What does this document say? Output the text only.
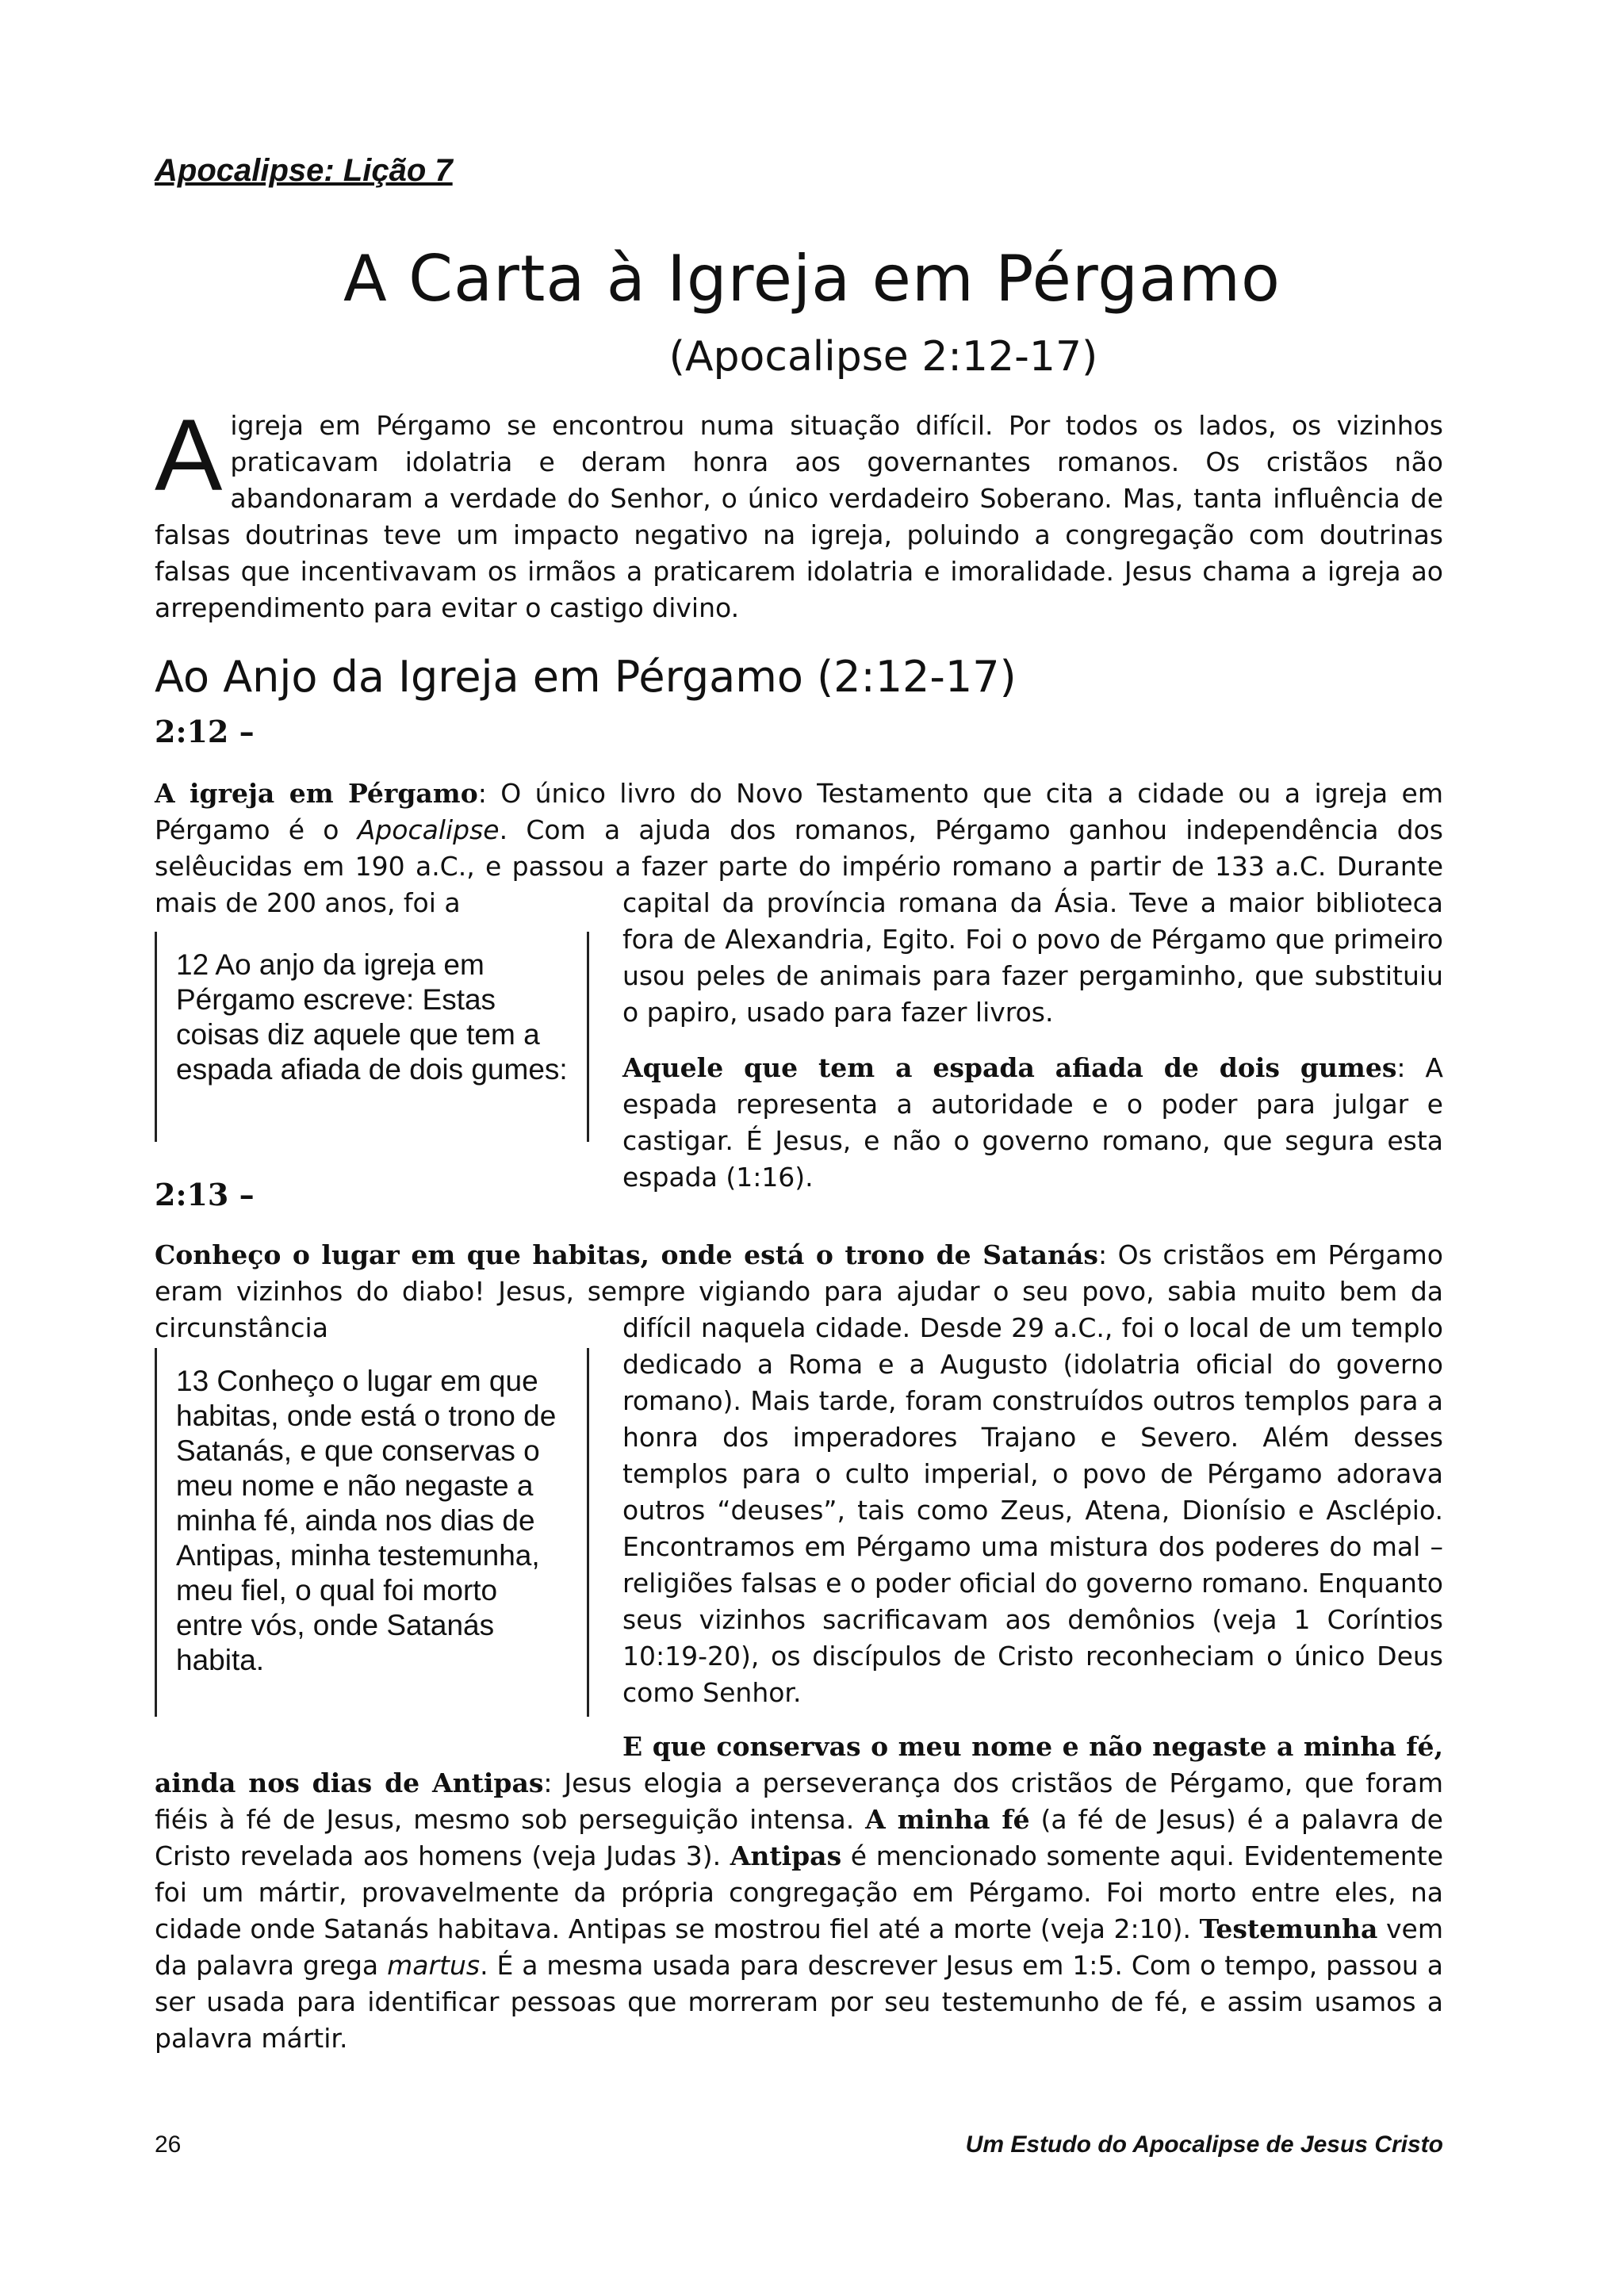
Apocalipse: Lição 7
A Carta à Igreja em Pérgamo
(Apocalipse 2:12-17)
A igreja em Pérgamo se encontrou numa situação difícil. Por todos os lados, os vizinhos praticavam idolatria e deram honra aos governantes romanos. Os cristãos não abandonaram a verdade do Senhor, o único verdadeiro Soberano. Mas, tanta influência de falsas doutrinas teve um impacto negativo na igreja, poluindo a congregação com doutrinas falsas que incentivavam os irmãos a praticarem idolatria e imoralidade. Jesus chama a igreja ao arrependimento para evitar o castigo divino.
Ao Anjo da Igreja em Pérgamo (2:12-17)
2:12 –
A igreja em Pérgamo: O único livro do Novo Testamento que cita a cidade ou a igreja em Pérgamo é o Apocalipse. Com a ajuda dos romanos, Pérgamo ganhou independência dos selêucidas em 190 a.C., e passou a fazer parte do império romano a partir de 133 a.C. Durante mais de 200 anos, foi a	capital da província romana da Ásia. Teve a maior biblioteca fora de Alexandria, Egito. Foi o povo de Pérgamo que primeiro usou peles de animais para fazer pergaminho, que substituiu o papiro, usado para fazer livros.
12 Ao anjo da igreja em Pérgamo escreve: Estas coisas diz aquele que tem a espada afiada de dois gumes:	Aquele que tem a espada afiada de dois gumes: A espada representa a autoridade e o poder para julgar e castigar. É Jesus, e não o governo romano, que segura esta espada (1:16).
2:13 –
Conheço o lugar em que habitas, onde está o trono de Satanás: Os cristãos em Pérgamo eram vizinhos do diabo! Jesus, sempre vigiando para ajudar o seu povo, sabia muito bem da circunstância	difícil naquela cidade. Desde 29 a.C., foi o local de um templo dedicado a Roma e a Augusto (idolatria oficial do governo romano). Mais tarde, foram construídos outros templos para a honra dos imperadores Trajano e Severo. Além desses templos para o culto imperial, o povo de Pérgamo adorava outros “deuses”, tais como Zeus, Atena, Dionísio e Asclépio. Encontramos em Pérgamo uma mistura dos poderes do mal – religiões falsas e o poder oficial do governo romano. Enquanto seus vizinhos sacrificavam aos demônios (veja 1 Coríntios 10:19-20), os discípulos de Cristo reconheciam o único Deus como Senhor.
13 Conheço o lugar em que habitas, onde está o trono de Satanás, e que conservas o meu nome e não negaste a minha fé, ainda nos dias de Antipas, minha testemunha, meu fiel, o qual foi morto entre vós, onde Satanás habita.
E que conservas o meu nome e não negaste a minha fé, ainda nos dias de Antipas: Jesus elogia a perseverança dos cristãos de Pérgamo, que foram fiéis à fé de Jesus, mesmo sob perseguição intensa. A minha fé (a fé de Jesus) é a palavra de Cristo revelada aos homens (veja Judas 3). Antipas é mencionado somente aqui. Evidentemente foi um mártir, provavelmente da própria congregação em Pérgamo. Foi morto entre eles, na cidade onde Satanás habitava. Antipas se mostrou fiel até a morte (veja 2:10). Testemunha vem da palavra grega martus. É a mesma usada para descrever Jesus em 1:5. Com o tempo, passou a ser usada para identificar pessoas que morreram por seu testemunho de fé, e assim usamos a palavra mártir.
26	Um Estudo do Apocalipse de Jesus Cristo
